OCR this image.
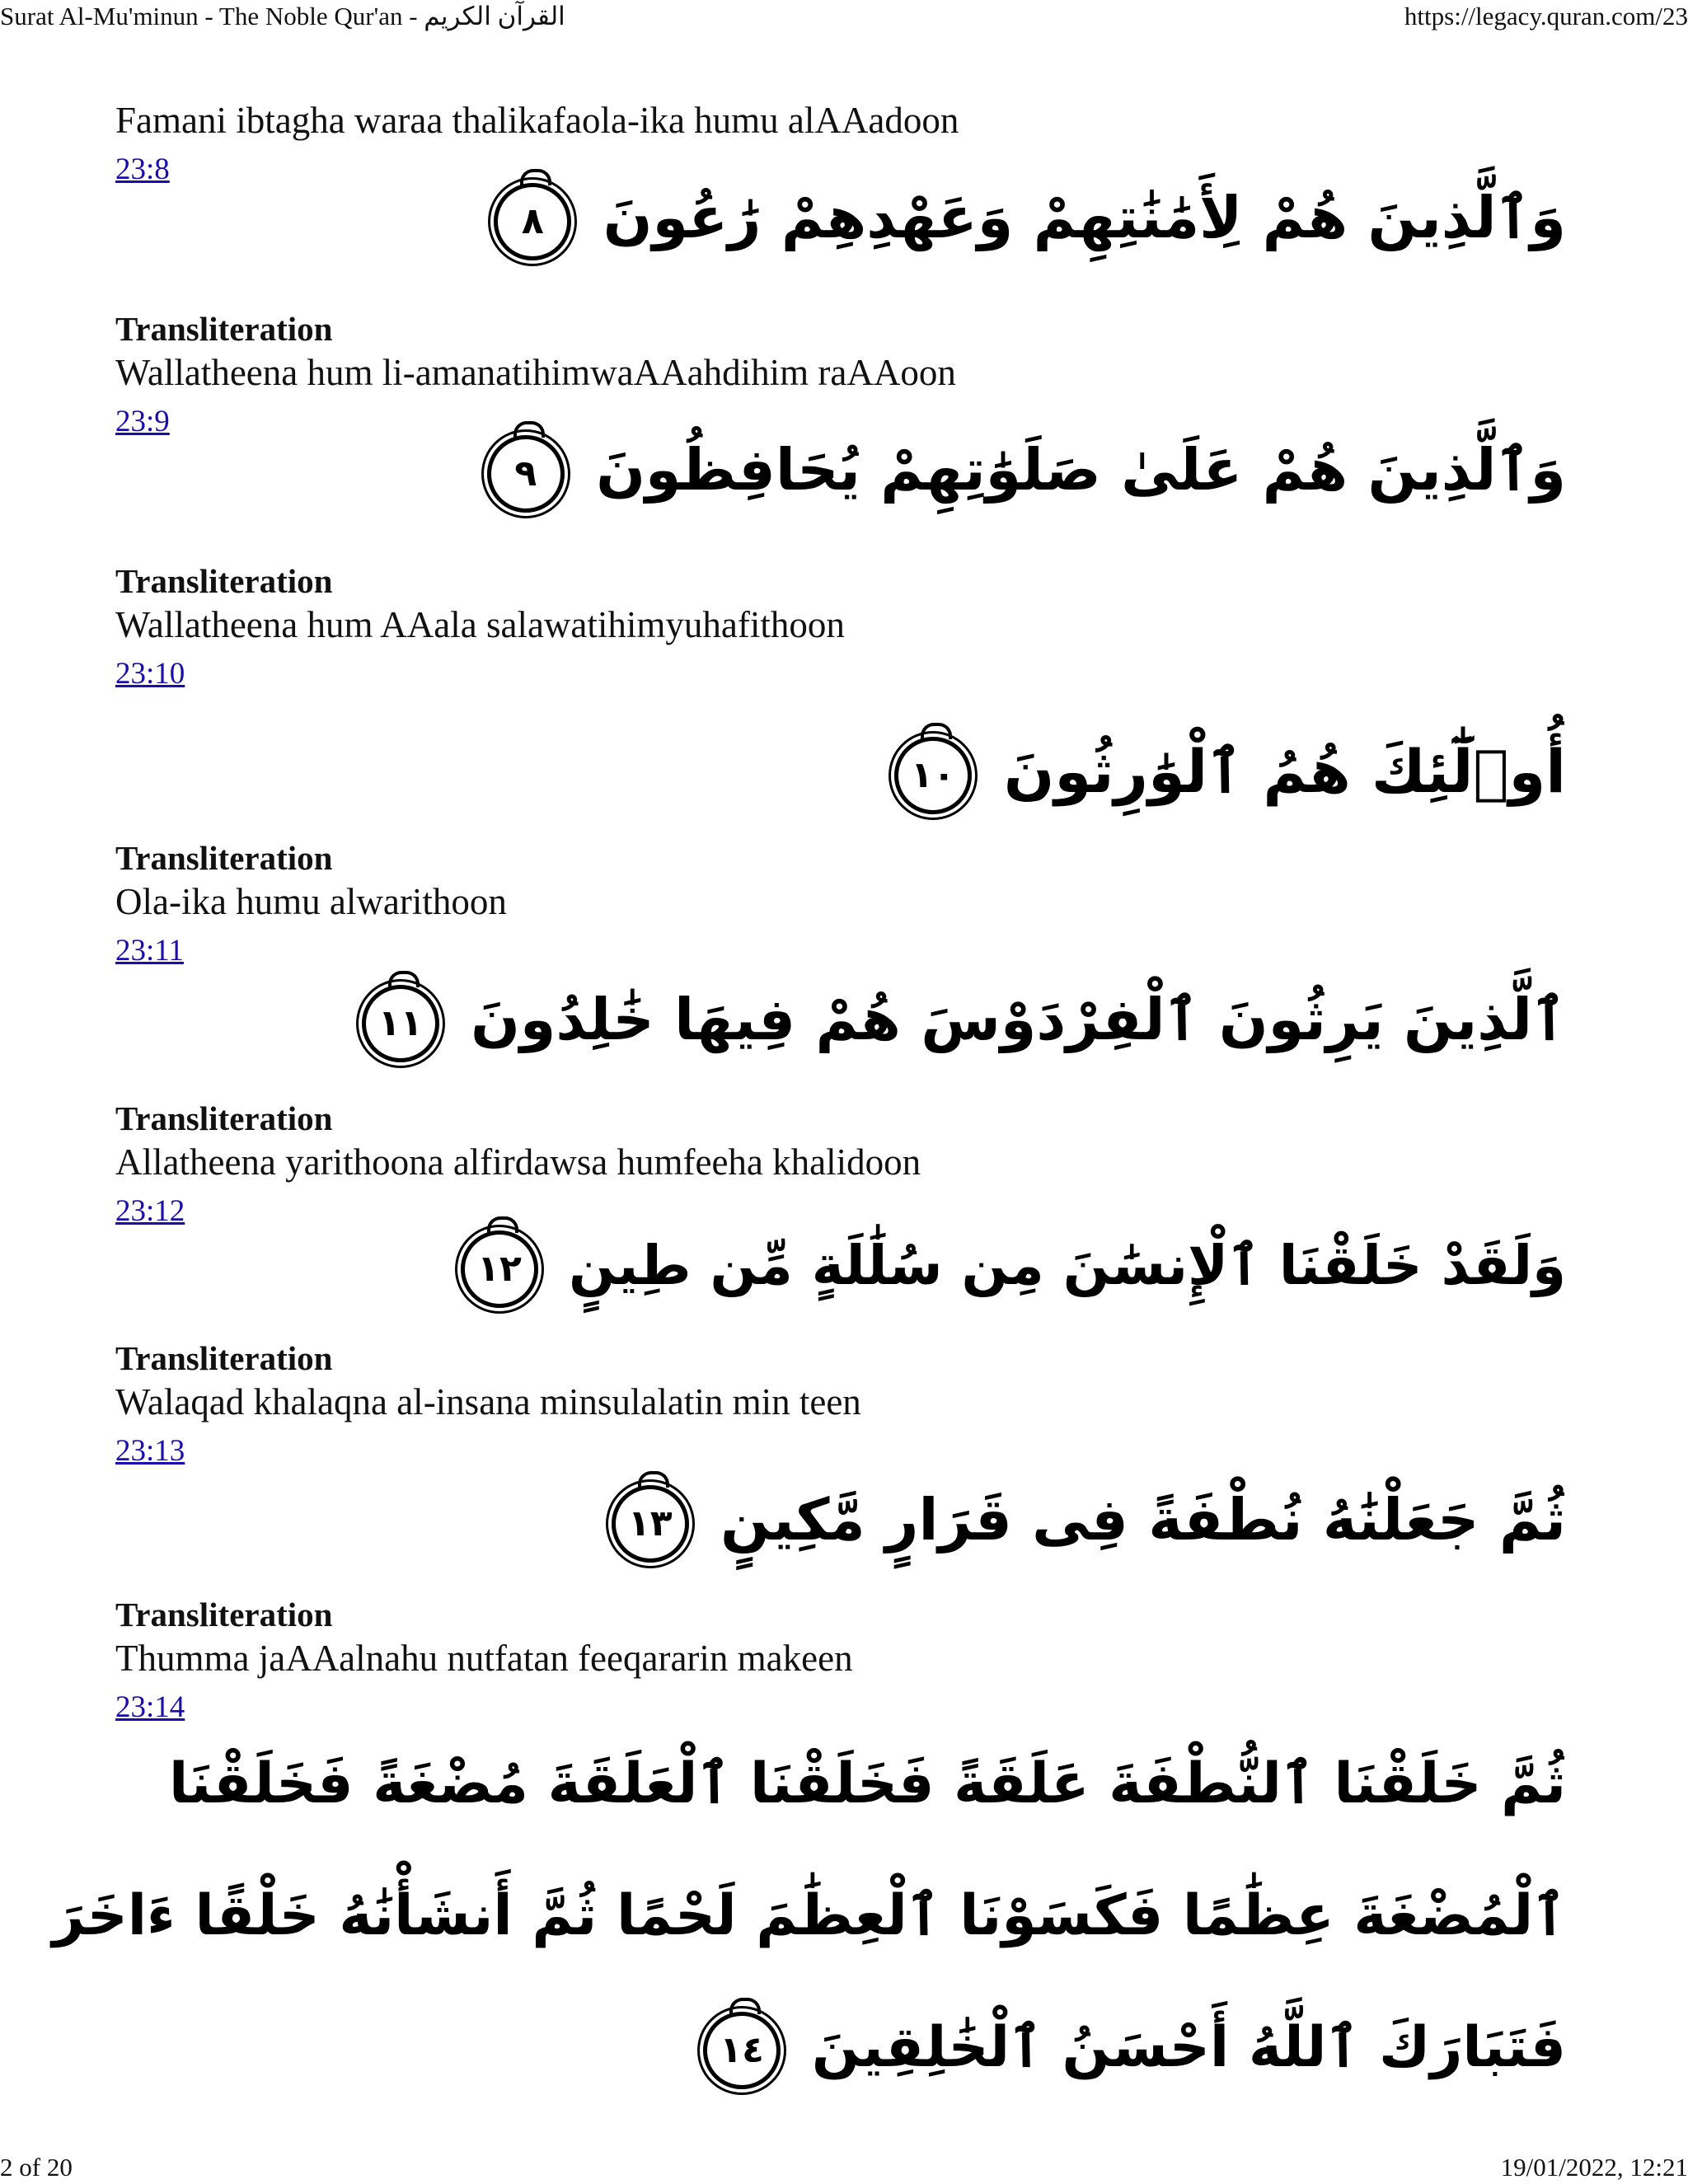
Surat Al-Mu'minun - The Noble Qur'an - القرآن الكريم	https://legacy.quran.com/23
Famani ibtagha waraa thalikafaola-ika humu alAAadoon
23:8
وَٱلَّذِينَ هُمْ لِأَمَٰنَٰتِهِمْ وَعَهْدِهِمْ رَٰعُونَ ٨
Transliteration
Wallatheena hum li-amanatihimwaAAahdihim raAAoon
23:9
وَٱلَّذِينَ هُمْ عَلَىٰ صَلَوَٰتِهِمْ يُحَافِظُونَ ٩
Transliteration
Wallatheena hum AAala salawatihimyuhafithoon
23:10
أُو۟لَٰٓئِكَ هُمُ ٱلْوَٰرِثُونَ ١٠
Transliteration
Ola-ika humu alwarithoon
23:11
ٱلَّذِينَ يَرِثُونَ ٱلْفِرْدَوْسَ هُمْ فِيهَا خَٰلِدُونَ ١١
Transliteration
Allatheena yarithoona alfirdawsa humfeeha khalidoon
23:12
وَلَقَدْ خَلَقْنَا ٱلْإِنسَٰنَ مِن سُلَٰلَةٍ مِّن طِينٍ ١٢
Transliteration
Walaqad khalaqna al-insana minsulalatin min teen
23:13
ثُمَّ جَعَلْنَٰهُ نُطْفَةً فِى قَرَارٍ مَّكِينٍ ١٣
Transliteration
Thumma jaAAalnahu nutfatan feeqararin makeen
23:14
ثُمَّ خَلَقْنَا ٱلنُّطْفَةَ عَلَقَةً فَخَلَقْنَا ٱلْعَلَقَةَ مُضْغَةً فَخَلَقْنَا
ٱلْمُضْغَةَ عِظَٰمًا فَكَسَوْنَا ٱلْعِظَٰمَ لَحْمًا ثُمَّ أَنشَأْنَٰهُ خَلْقًا ءَاخَرَ
فَتَبَارَكَ ٱللَّهُ أَحْسَنُ ٱلْخَٰلِقِينَ ١٤
2 of 20	19/01/2022, 12:21
